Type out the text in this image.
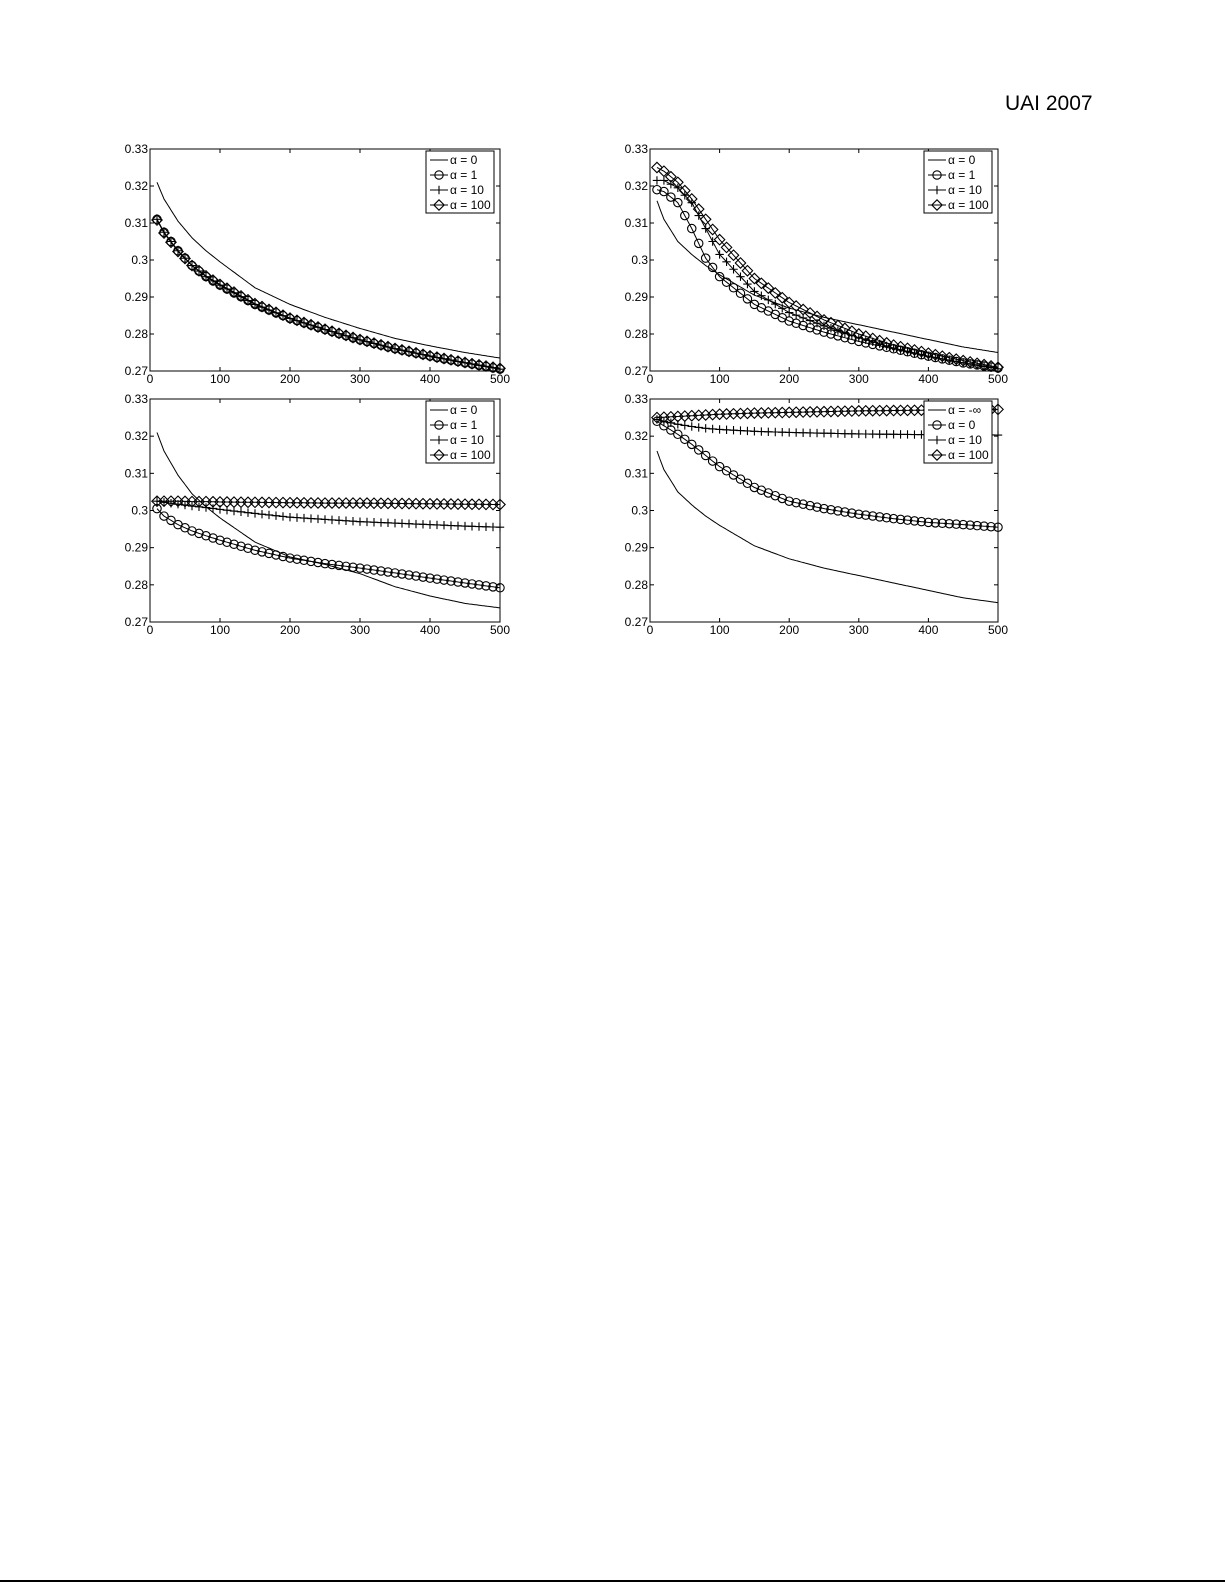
UAI 2007
0	100	200	300	400	500
0.27
0.28
0.29
0.3
0.31
0.32
0.33
α = 0
α = 1
α = 10
α = 100
0	100	200	300	400	500
0.27
0.28
0.29
0.3
0.31
0.32
0.33
α = 0
α = 1
α = 10
α = 100
0	100	200	300	400	500
0.27
0.28
0.29
0.3
0.31
0.32
0.33
α = 0
α = 1
α = 10
α = 100
0	100	200	300	400	500
0.27
0.28
0.29
0.3
0.31
0.32
0.33
α = -∞
α = 0
α = 10
α = 100
